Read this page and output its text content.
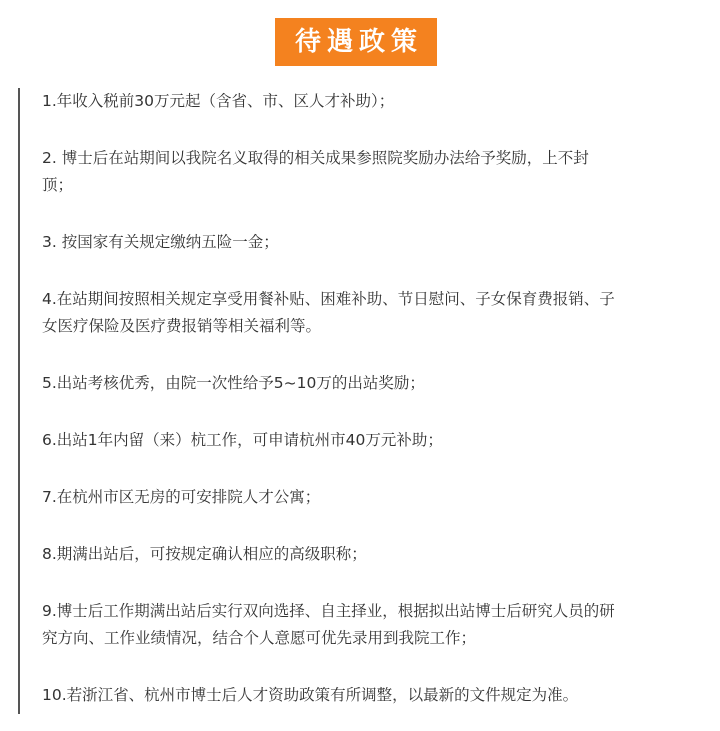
待遇政策

1.年收入税前30万元起（含省、市、区人才补助）；

2. 博士后在站期间以我院名义取得的相关成果参照院奖励办法给予奖励，上不封顶；

3. 按国家有关规定缴纳五险一金；

4.在站期间按照相关规定享受用餐补贴、困难补助、节日慰问、子女保育费报销、子女医疗保险及医疗费报销等相关福利等。

5.出站考核优秀，由院一次性给予5~10万的出站奖励；

6.出站1年内留（来）杭工作，可申请杭州市40万元补助；

7.在杭州市区无房的可安排院人才公寓；

8.期满出站后，可按规定确认相应的高级职称；

9.博士后工作期满出站后实行双向选择、自主择业，根据拟出站博士后研究人员的研究方向、工作业绩情况，结合个人意愿可优先录用到我院工作；

10.若浙江省、杭州市博士后人才资助政策有所调整，以最新的文件规定为准。
